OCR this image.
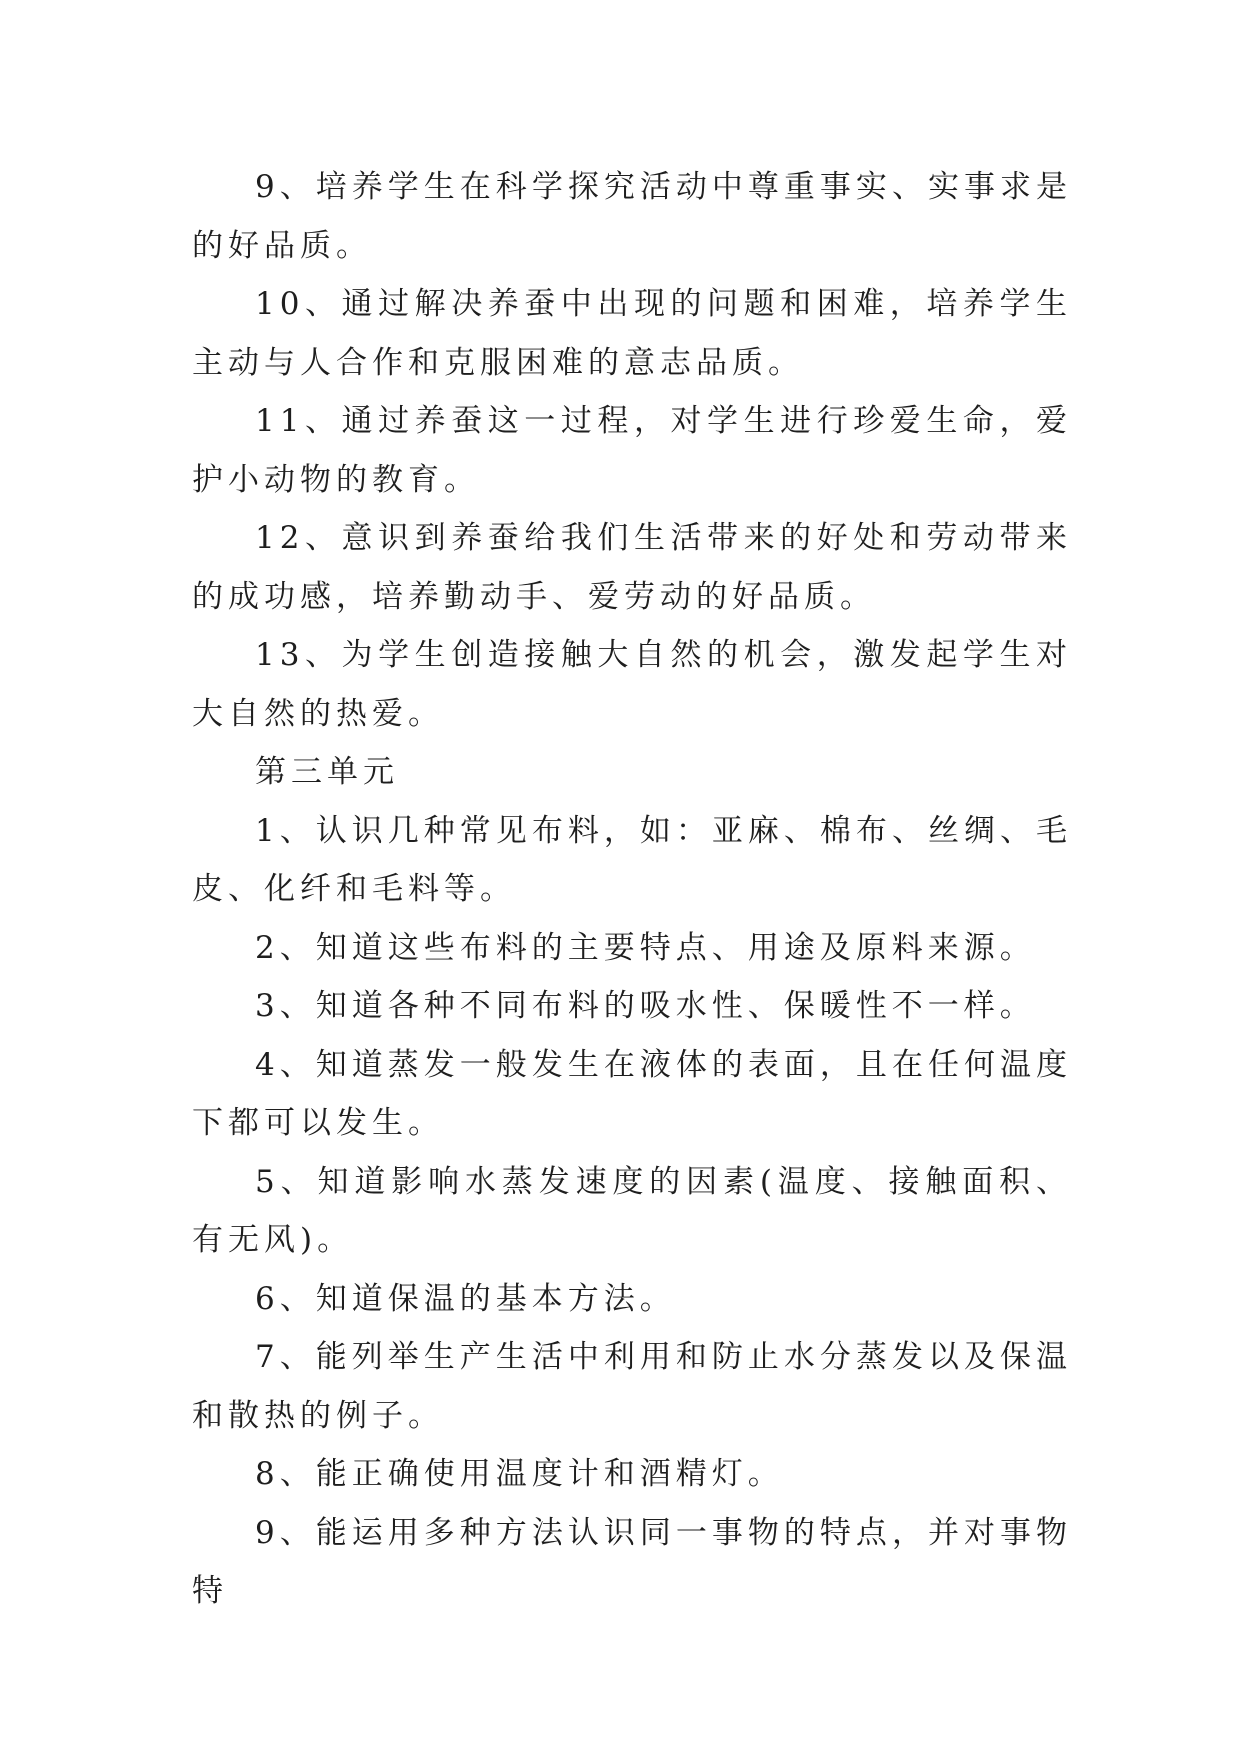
9、培养学生在科学探究活动中尊重事实、实事求是的好品质。

10、通过解决养蚕中出现的问题和困难，培养学生主动与人合作和克服困难的意志品质。

11、通过养蚕这一过程，对学生进行珍爱生命，爱护小动物的教育。

12、意识到养蚕给我们生活带来的好处和劳动带来的成功感，培养勤动手、爱劳动的好品质。

13、为学生创造接触大自然的机会，激发起学生对大自然的热爱。

第三单元

1、认识几种常见布料，如：亚麻、棉布、丝绸、毛皮、化纤和毛料等。

2、知道这些布料的主要特点、用途及原料来源。

3、知道各种不同布料的吸水性、保暖性不一样。

4、知道蒸发一般发生在液体的表面，且在任何温度下都可以发生。

5、知道影响水蒸发速度的因素(温度、接触面积、有无风)。

6、知道保温的基本方法。

7、能列举生产生活中利用和防止水分蒸发以及保温和散热的例子。

8、能正确使用温度计和酒精灯。

9、能运用多种方法认识同一事物的特点，并对事物特
